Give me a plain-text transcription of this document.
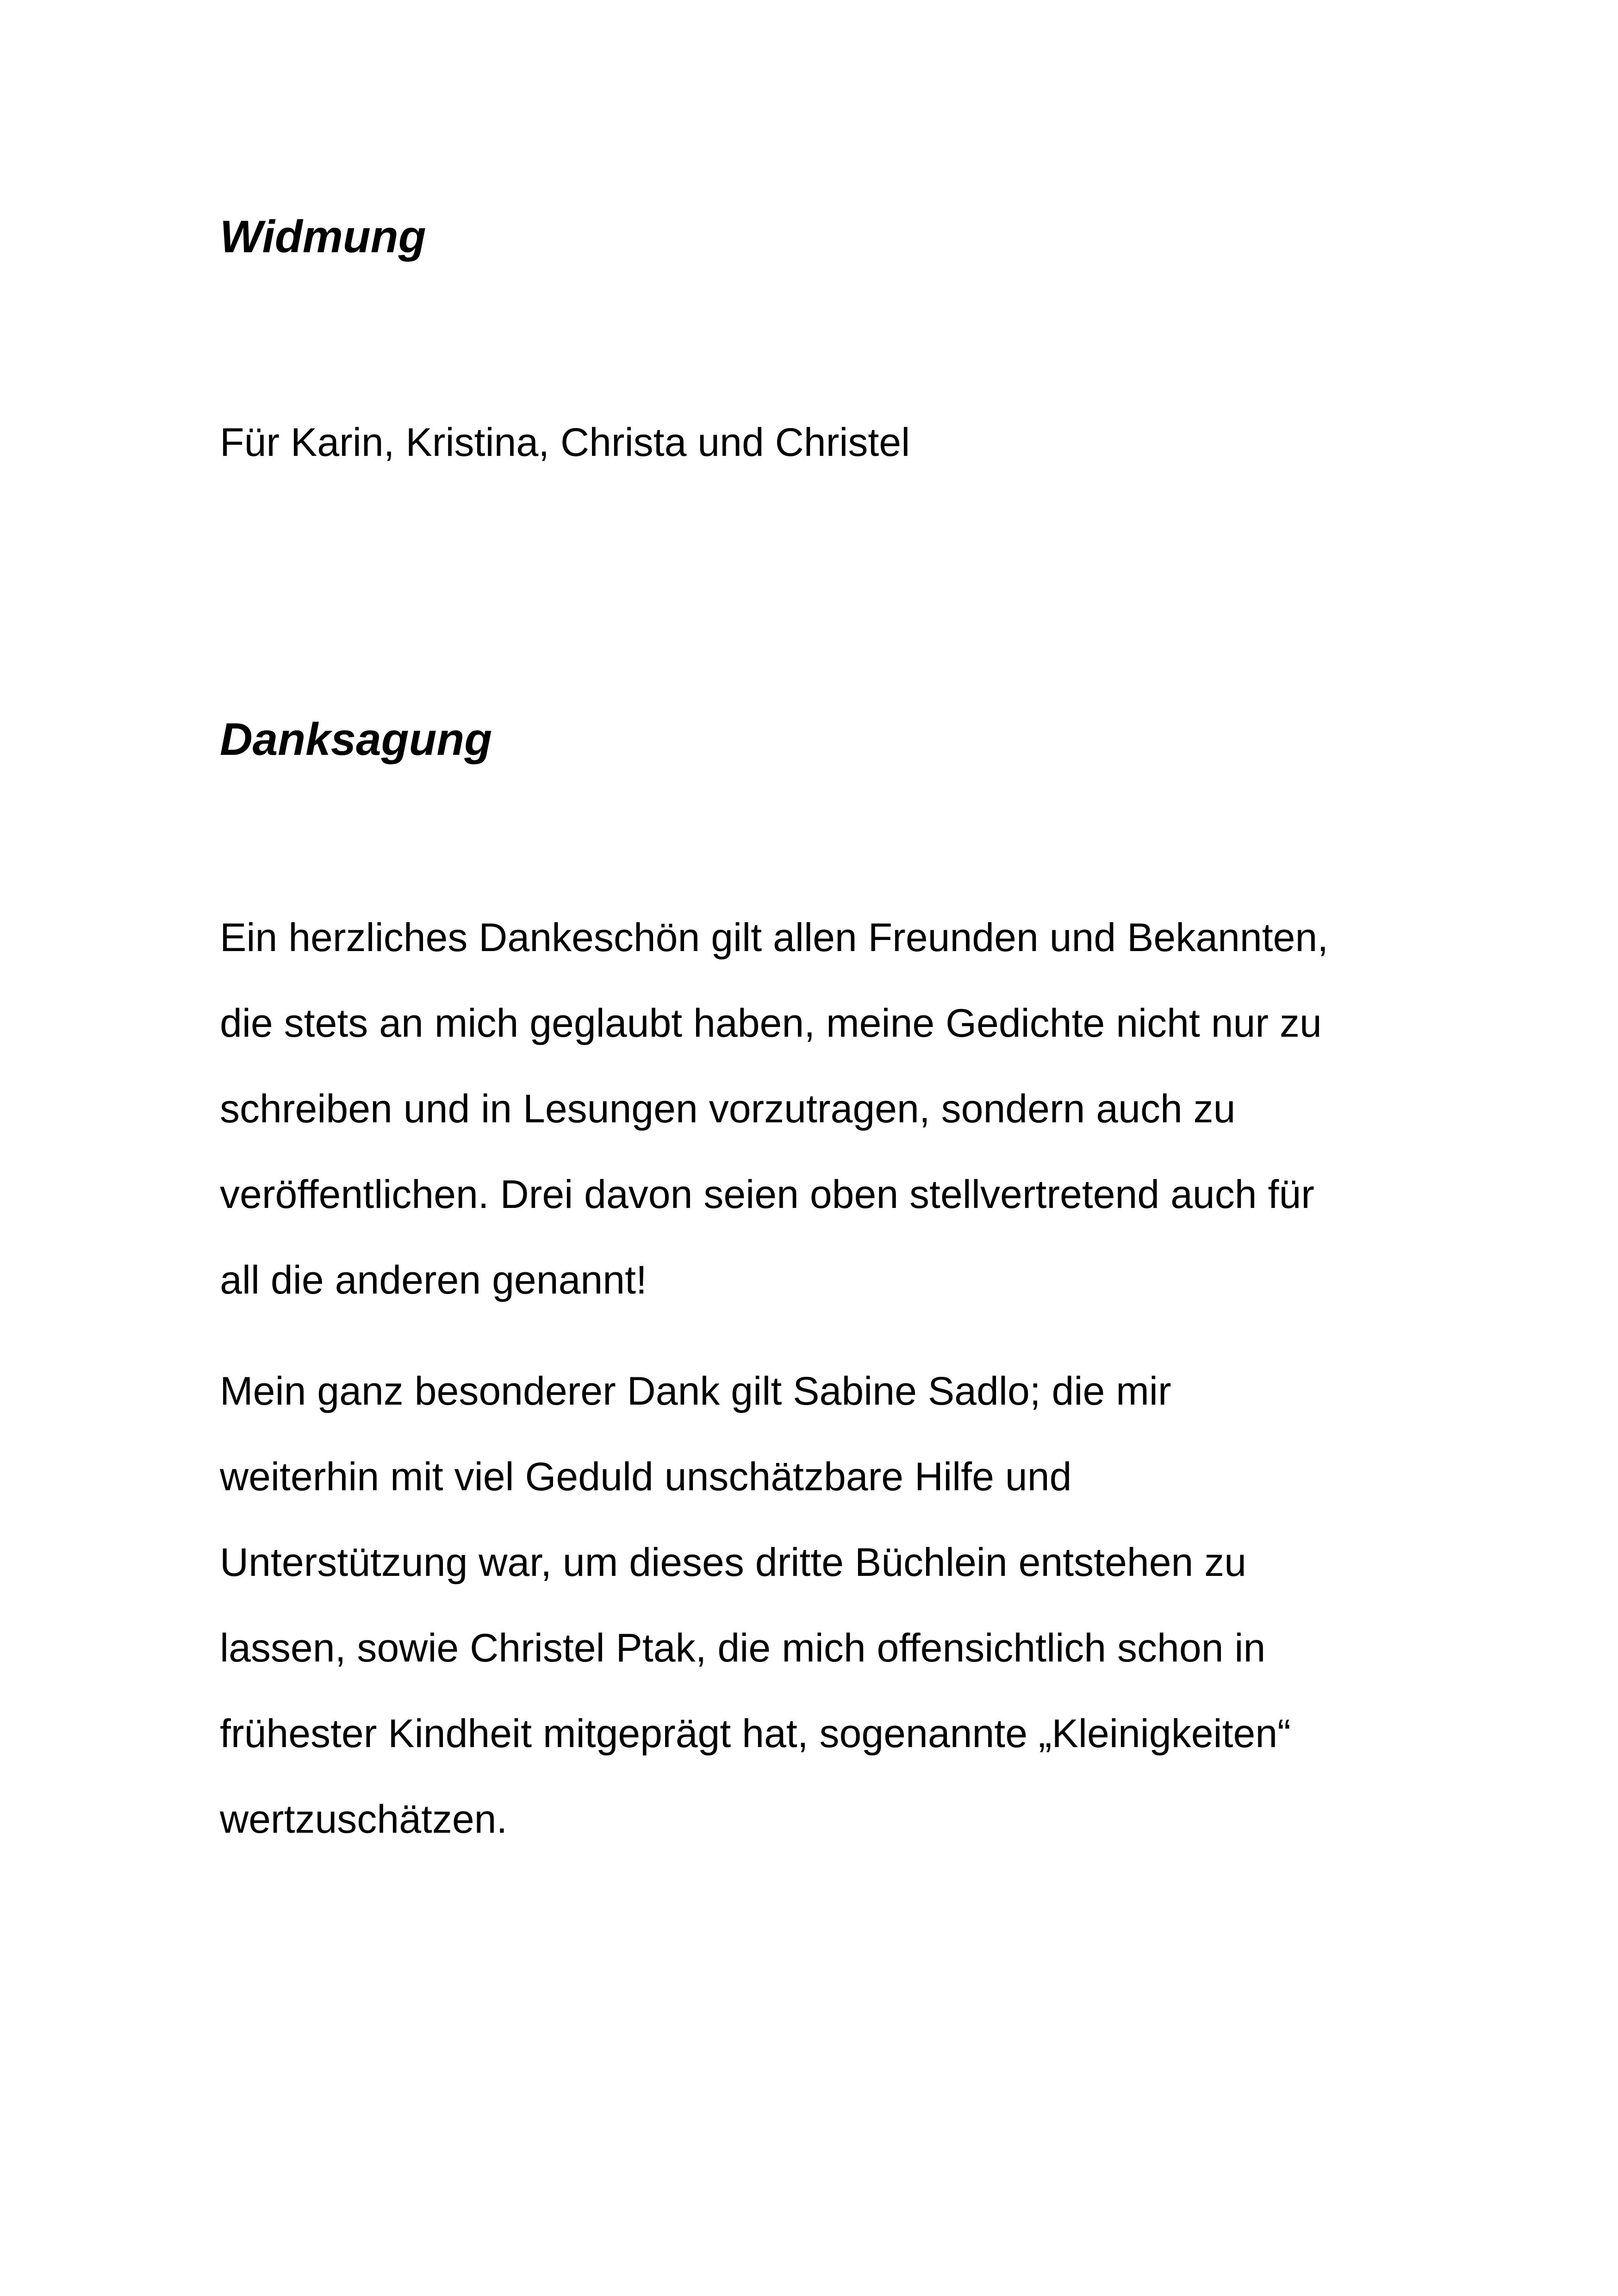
Widmung

Für Karin, Kristina, Christa und Christel

Danksagung
Ein herzliches Dankeschön gilt allen Freunden und Bekannten,
die stets an mich geglaubt haben, meine Gedichte nicht nur zu
schreiben und in Lesungen vorzutragen, sondern auch zu
veröffentlichen. Drei davon seien oben stellvertretend auch für
all die anderen genannt!
Mein ganz besonderer Dank gilt Sabine Sadlo; die mir
weiterhin mit viel Geduld unschätzbare Hilfe und
Unterstützung war, um dieses dritte Büchlein entstehen zu
lassen, sowie Christel Ptak, die mich offensichtlich schon in
frühester Kindheit mitgeprägt hat, sogenannte „Kleinigkeiten“
wertzuschätzen.
